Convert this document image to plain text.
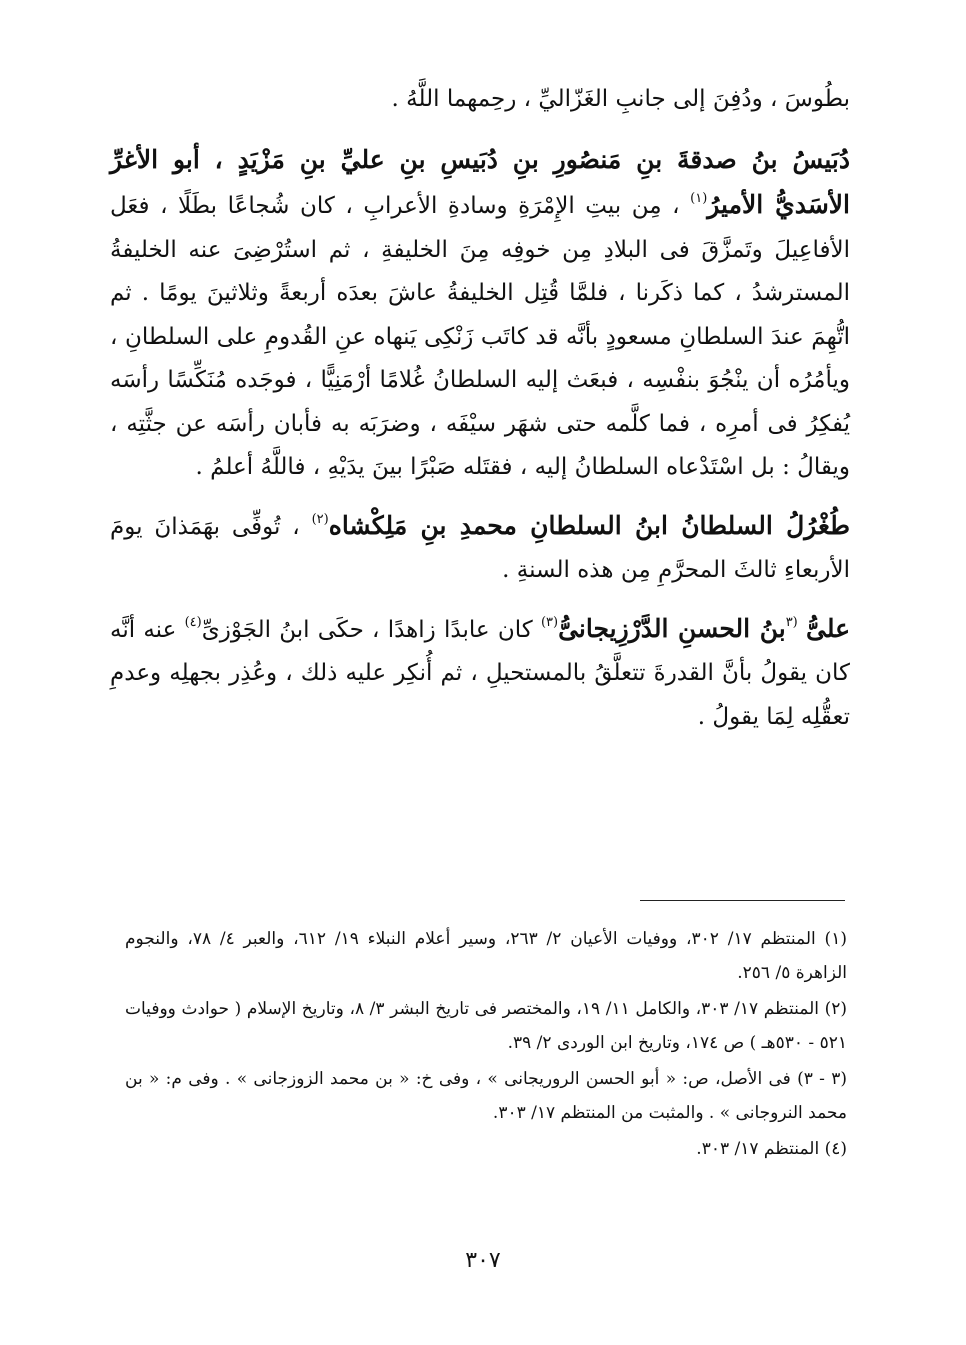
بطُوسَ ، ودُفِنَ إلى جانبِ الغَزّاليِّ ، رحِمهما اللَّهُ .

دُبَيسُ بنُ صدقةَ بنِ مَنصُورِ بنِ دُبَيسِ بنِ عليِّ بنِ مَزْيَدٍ ، أبو الأغرِّ الأسَديُّ الأميرُ$^{(١)}$ ، مِن بيتِ الإِمْرَةِ وسادةِ الأعرابِ ، كان شُجاعًا بطَلًا ، فعَل الأفاعِيلَ وتَمزَّقَ فى البلادِ مِن خوفِه مِنَ الخليفةِ ، ثم استُرْضِىَ عنه الخليفةُ المسترشدُ ، كما ذكَرنا ، فلمَّا قُتِل الخليفةُ عاشَ بعدَه أربعةً وثلاثينَ يومًا . ثم اتُّهِمَ عندَ السلطانِ مسعودٍ بأنَّه قد كاتَب زَنْكِى يَنهاه عنِ القُدومِ على السلطانِ ، ويأمُرُه أن ينْجُوَ بنفْسِه ، فبعَث إليه السلطانُ غُلامًا أرْمَنِيًّا ، فوجَده مُنَكِّسًا رأسَه يُفكِرُ فى أمرِه ، فما كلَّمه حتى شهَر سيْفَه ، وضرَبَه به فأبان رأسَه عن جثَّتِه ، ويقالُ : بل اسْتَدْعاه السلطانُ إليه ، فقتَله صَبْرًا بينَ يدَيْهِ ، فاللَّهُ أعلمُ .

طُغْرُلُ السلطانُ ابنُ السلطانِ محمدِ بنِ مَلِكْشاه$^{(٢)}$ ، تُوفِّى بهَمَذانَ يومَ الأربعاءِ ثالثَ المحرَّمِ مِن هذه السنةِ .

علىُّ $^{(٣}$بنُ الحسنِ الدَّرْزِيجانىُّ$^{(٣)}$ كان عابدًا زاهدًا ، حكَى ابنُ الجَوْزىِّ$^{(٤)}$ عنه أنَّه كان يقولُ بأنَّ القدرةَ تتعلَّقُ بالمستحيلِ ، ثم أُنكِر عليه ذلك ، وعُذِر بجهلِه وعدمِ تعقُّلِه لِمَا يقولُ .

(١) المنتظم ١٧/ ٣٠٢، ووفيات الأعيان ٢/ ٢٦٣، وسير أعلام النبلاء ١٩/ ٦١٢، والعبر ٤/ ٧٨، والنجوم الزاهرة ٥/ ٢٥٦.

(٢) المنتظم ١٧/ ٣٠٣، والكامل ١١/ ١٩، والمختصر فى تاريخ البشر ٣/ ٨، وتاريخ الإسلام ( حوادث ووفيات ٥٢١ - ٥٣٠هـ ) ص ١٧٤، وتاريخ ابن الوردى ٢/ ٣٩.

(٣ - ٣) فى الأصل، ص: « أبو الحسن الروريجانى » ، وفى خ: « بن محمد الزوزجانى » . وفى م: « بن محمد النروجانى » . والمثبت من المنتظم ١٧/ ٣٠٣.

(٤) المنتظم ١٧/ ٣٠٣.

٣٠٧
